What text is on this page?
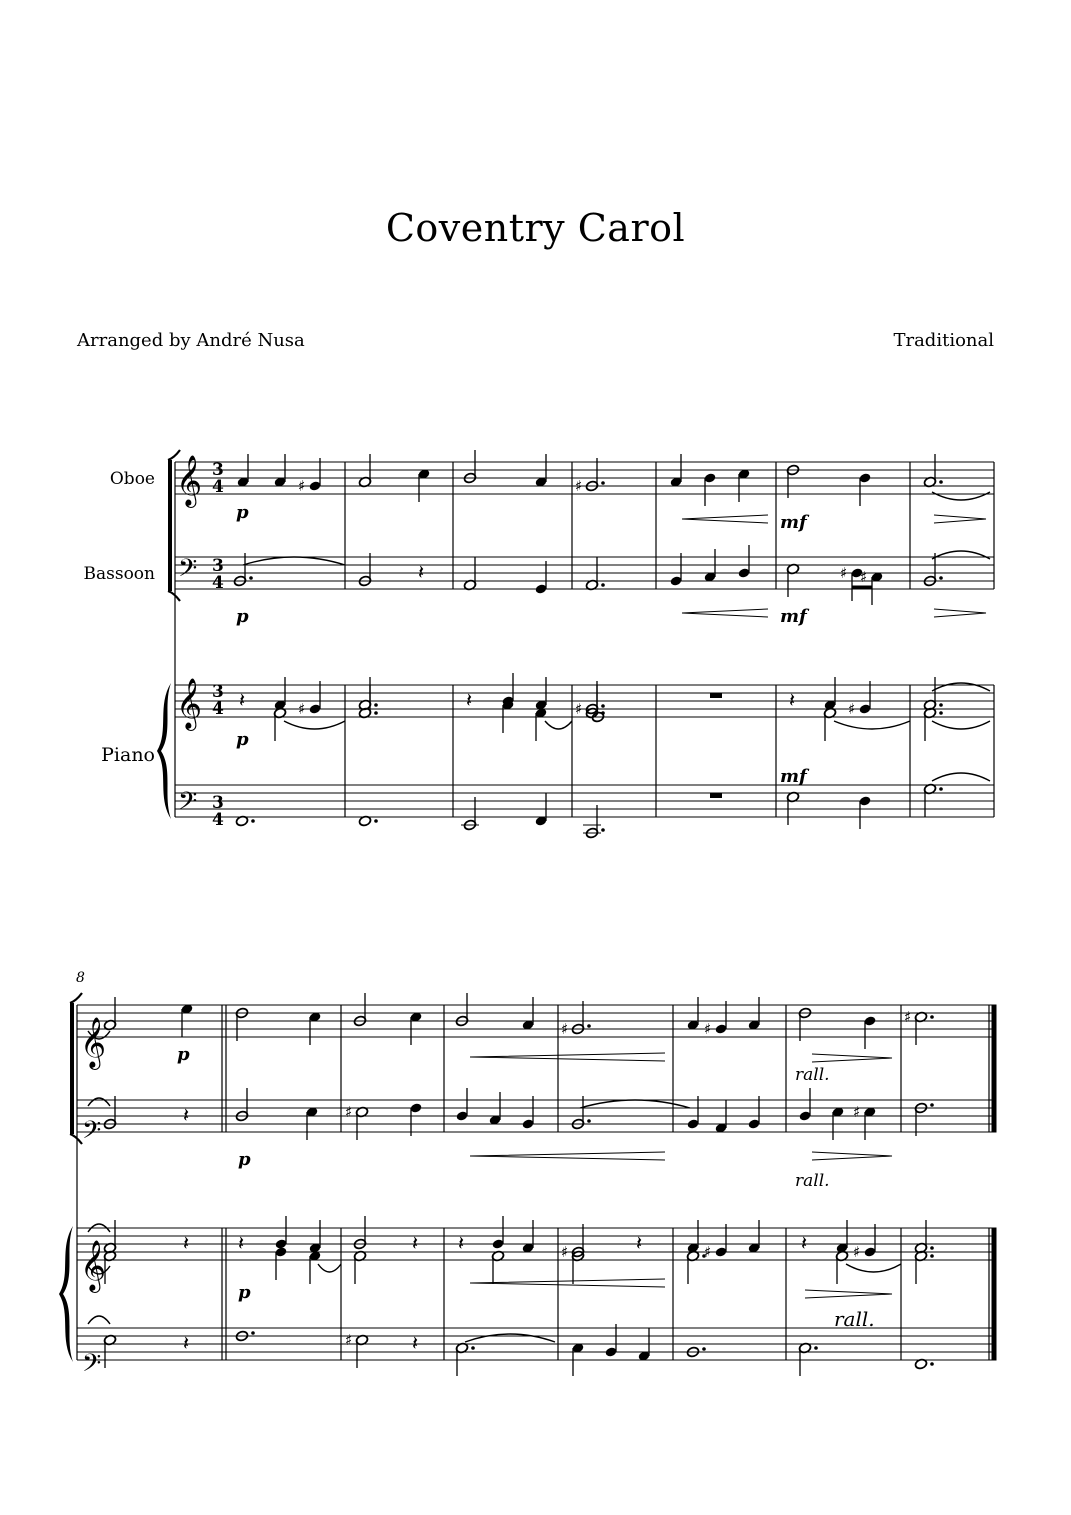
Coventry Carol
Arranged by André Nusa	Traditional
♯	♯
𝄽	♯ ♯
𝄽	♯	𝄽	♯	𝄽	♯
♯	♯
♯
𝄽	♯	♯
𝄽 𝄽	𝄽 𝄽	♯	𝄽	♯	𝄽	♯
𝄽	♯	𝄽
Oboe
Bassoon
Piano
8
3
4
3
4
3
4
3
4
𝄞
𝄢
𝄞
𝄢
𝄞
𝄢
𝄞
𝄢
p
p
p
mf
mf
mf
p
p
p
rall.
rall.
rall.
